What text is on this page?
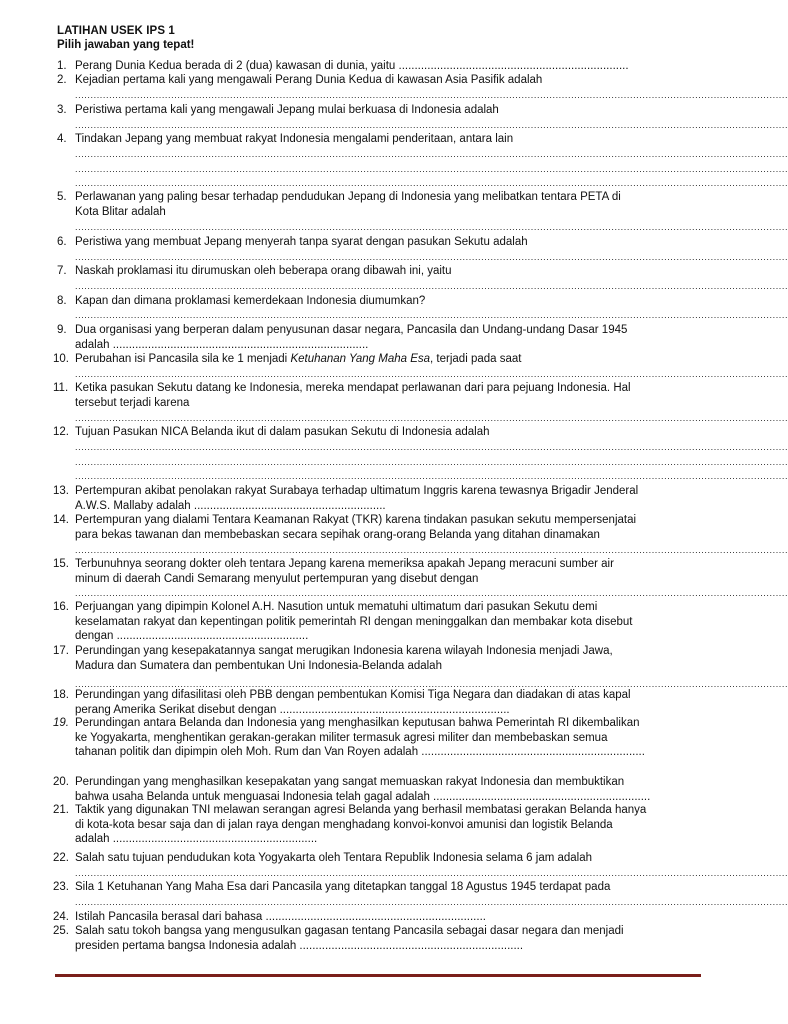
LATIHAN USEK IPS 1
Pilih jawaban yang tepat!
1. Perang Dunia Kedua berada di 2 (dua) kawasan di dunia, yaitu ........................................................................
2. Kejadian pertama kali yang mengawali Perang Dunia Kedua di kawasan Asia Pasifik adalah
......................................................................................................................................................................................................................................
3. Peristiwa pertama kali yang mengawali Jepang mulai berkuasa di Indonesia adalah
......................................................................................................................................................................................................................................
4. Tindakan Jepang yang membuat rakyat Indonesia mengalami penderitaan, antara lain
......................................................................................................................................................................................................................................
......................................................................................................................................................................................................................................
......................................................................................................................................................................................................................................
5. Perlawanan yang paling besar terhadap pendudukan Jepang di Indonesia yang melibatkan tentara PETA di
Kota Blitar adalah
......................................................................................................................................................................................................................................
6. Peristiwa yang membuat Jepang menyerah tanpa syarat dengan pasukan Sekutu adalah
......................................................................................................................................................................................................................................
7. Naskah proklamasi itu dirumuskan oleh beberapa orang dibawah ini, yaitu
......................................................................................................................................................................................................................................
8. Kapan dan dimana proklamasi kemerdekaan Indonesia diumumkan?
......................................................................................................................................................................................................................................
9. Dua organisasi yang berperan dalam penyusunan dasar negara, Pancasila dan Undang-undang Dasar 1945
adalah ................................................................................
10. Perubahan isi Pancasila sila ke 1 menjadi Ketuhanan Yang Maha Esa, terjadi pada saat
......................................................................................................................................................................................................................................
11. Ketika pasukan Sekutu datang ke Indonesia, mereka mendapat perlawanan dari para pejuang Indonesia. Hal
tersebut terjadi karena
......................................................................................................................................................................................................................................
12. Tujuan Pasukan NICA Belanda ikut di dalam pasukan Sekutu di Indonesia adalah
......................................................................................................................................................................................................................................
......................................................................................................................................................................................................................................
......................................................................................................................................................................................................................................
13. Pertempuran akibat penolakan rakyat Surabaya terhadap ultimatum Inggris karena tewasnya Brigadir Jenderal
A.W.S. Mallaby adalah ............................................................
14. Pertempuran yang dialami Tentara Keamanan Rakyat (TKR) karena tindakan pasukan sekutu mempersenjatai
para bekas tawanan dan membebaskan secara sepihak orang-orang Belanda yang ditahan dinamakan
......................................................................................................................................................................................................................................
15. Terbunuhnya seorang dokter oleh tentara Jepang karena memeriksa apakah Jepang meracuni sumber air
minum di daerah Candi Semarang menyulut pertempuran yang disebut dengan
......................................................................................................................................................................................................................................
16. Perjuangan yang dipimpin Kolonel A.H. Nasution untuk mematuhi ultimatum dari pasukan Sekutu demi
keselamatan rakyat dan kepentingan politik pemerintah RI dengan meninggalkan dan membakar kota disebut
dengan ............................................................
17. Perundingan yang kesepakatannya sangat merugikan Indonesia karena wilayah Indonesia menjadi Jawa,
Madura dan Sumatera dan pembentukan Uni Indonesia-Belanda adalah
......................................................................................................................................................................................................................................
18. Perundingan yang difasilitasi oleh PBB dengan pembentukan Komisi Tiga Negara dan diadakan di atas kapal
perang Amerika Serikat disebut dengan ........................................................................
19. Perundingan antara Belanda dan Indonesia yang menghasilkan keputusan bahwa Pemerintah RI dikembalikan
ke Yogyakarta, menghentikan gerakan-gerakan militer termasuk agresi militer dan membebaskan semua
tahanan politik dan dipimpin oleh Moh. Rum dan Van Royen adalah ......................................................................
20. Perundingan yang menghasilkan kesepakatan yang sangat memuaskan rakyat Indonesia dan membuktikan
bahwa usaha Belanda untuk menguasai Indonesia telah gagal adalah ....................................................................
21. Taktik yang digunakan TNI melawan serangan agresi Belanda yang berhasil membatasi gerakan Belanda hanya
di kota-kota besar saja dan di jalan raya dengan menghadang konvoi-konvoi amunisi dan logistik Belanda
adalah ................................................................
22. Salah satu tujuan pendudukan kota Yogyakarta oleh Tentara Republik Indonesia selama 6 jam adalah
......................................................................................................................................................................................................................................
23. Sila 1 Ketuhanan Yang Maha Esa dari Pancasila yang ditetapkan tanggal 18 Agustus 1945 terdapat pada
......................................................................................................................................................................................................................................
24. Istilah Pancasila berasal dari bahasa .....................................................................
25. Salah satu tokoh bangsa yang mengusulkan gagasan tentang Pancasila sebagai dasar negara dan menjadi
presiden pertama bangsa Indonesia adalah ......................................................................
